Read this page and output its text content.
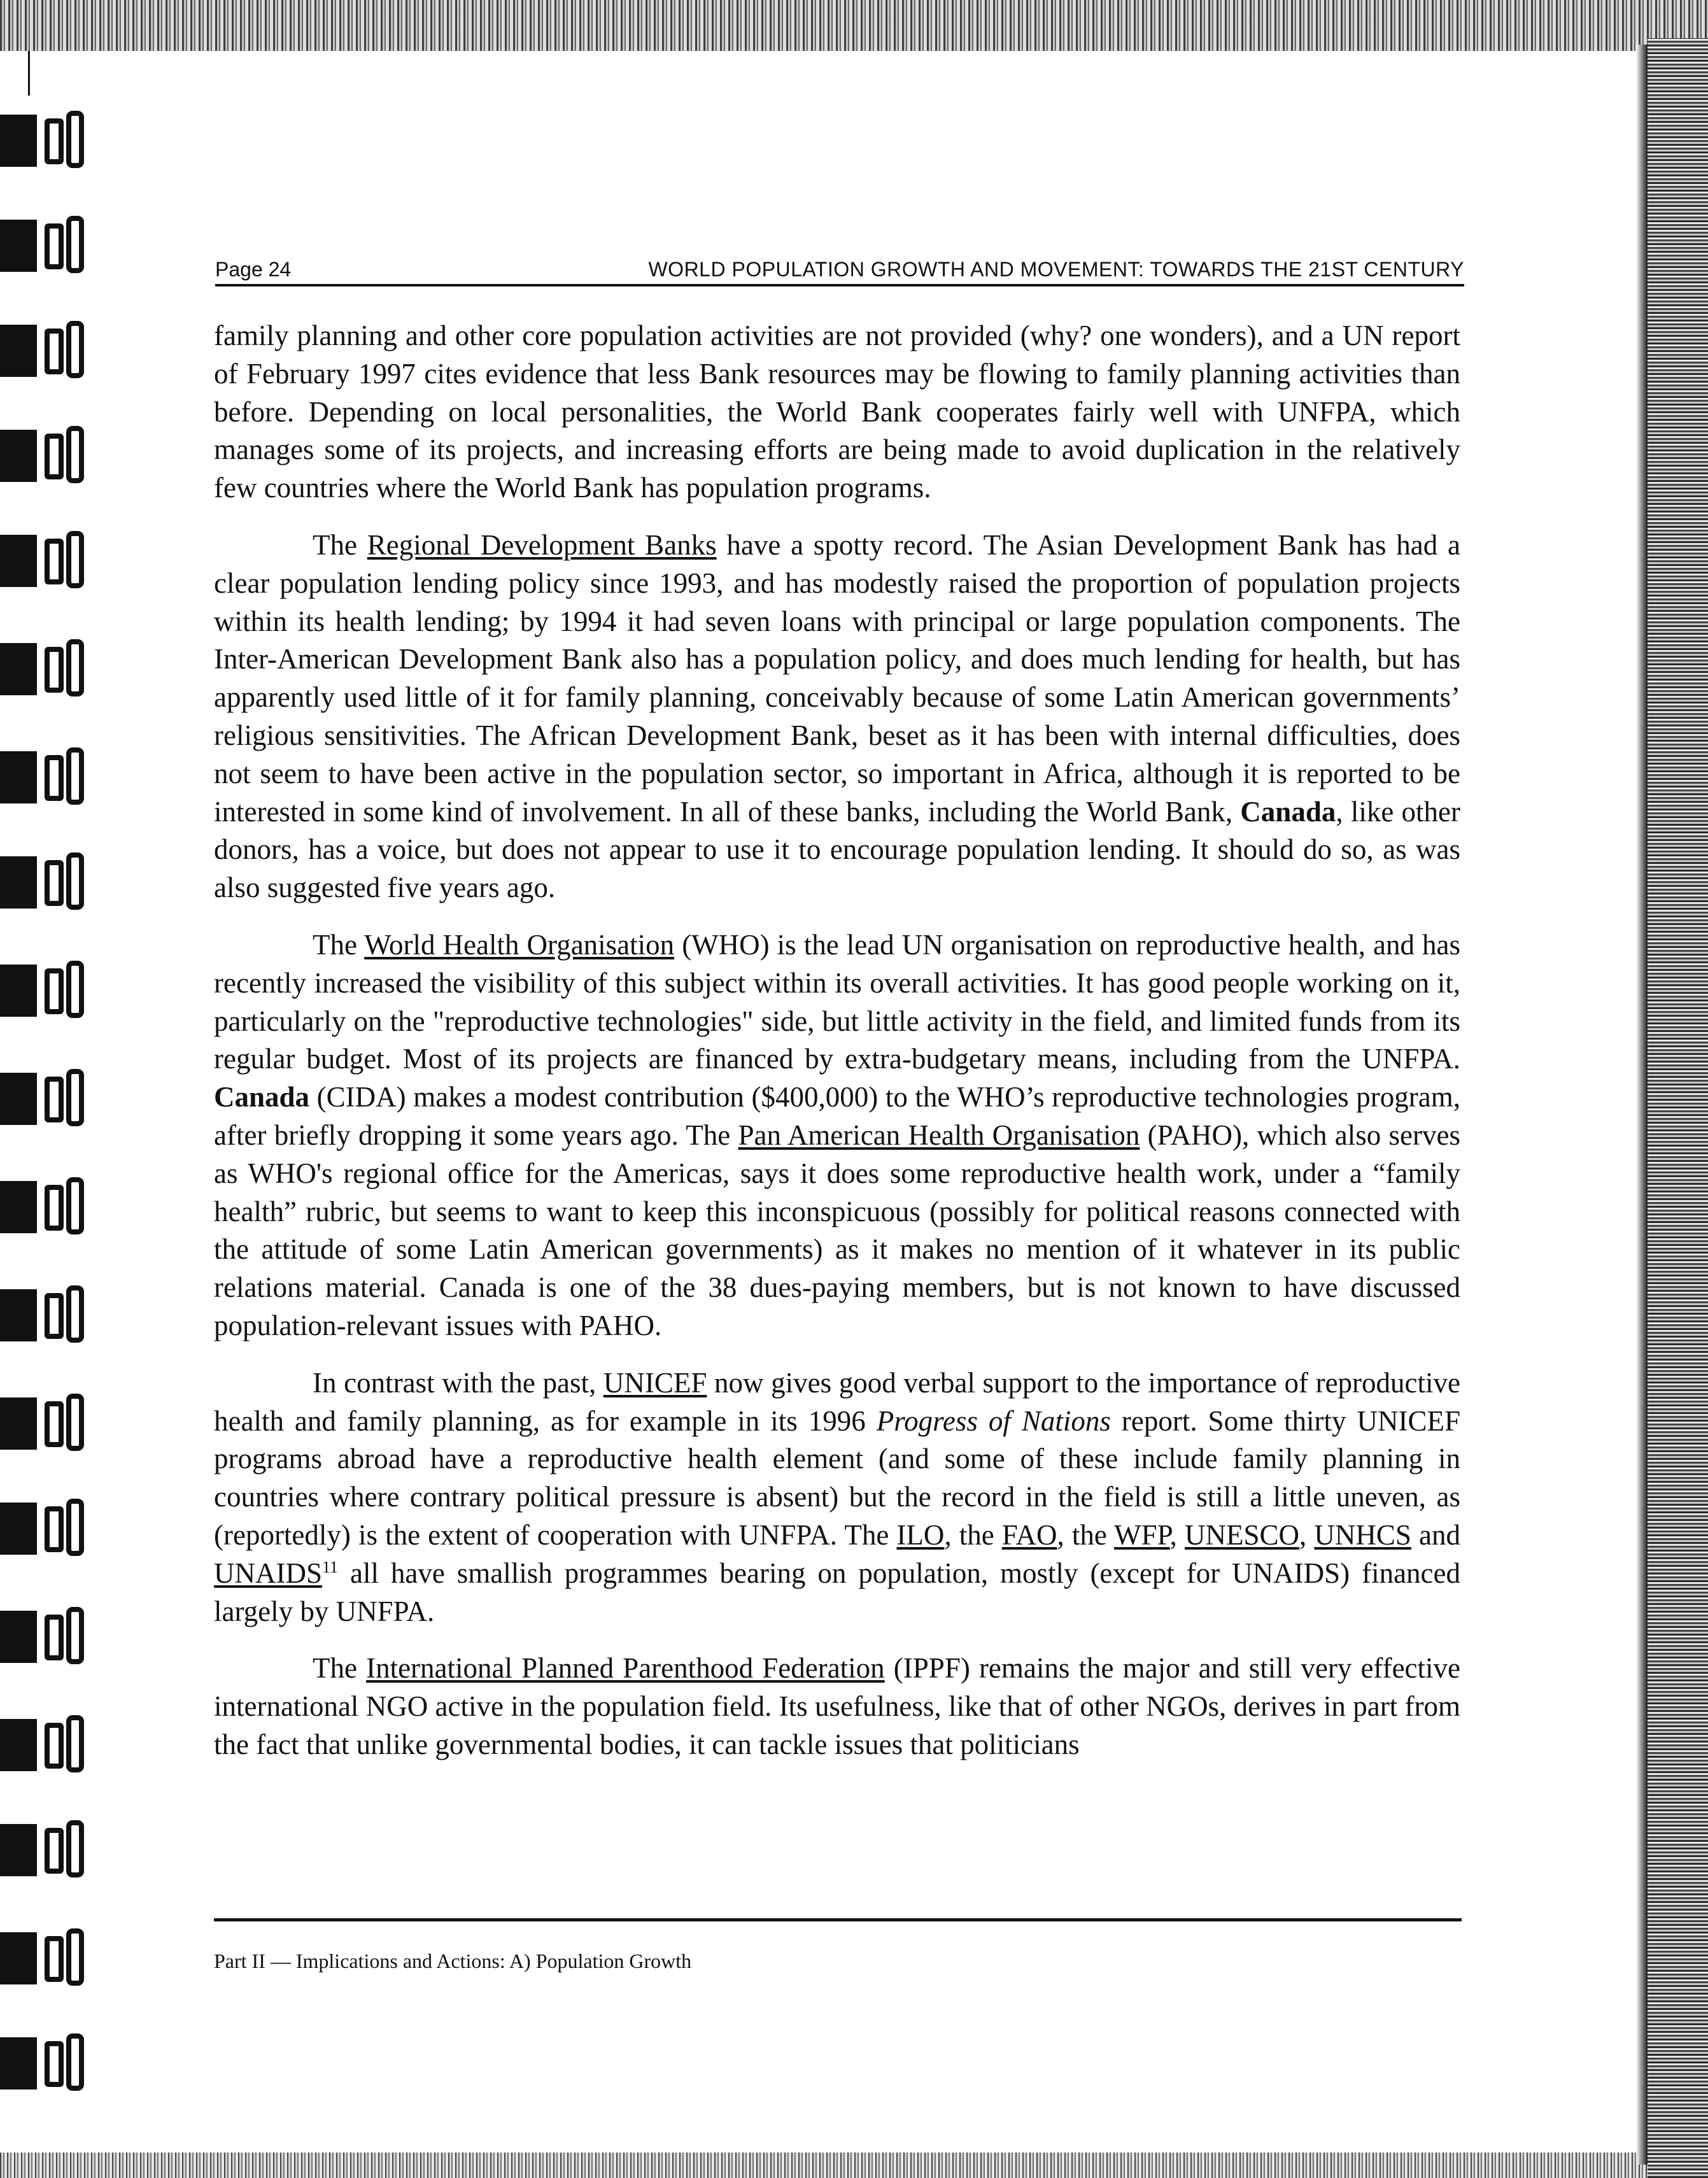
Page 24	WORLD POPULATION GROWTH AND MOVEMENT: TOWARDS THE 21ST CENTURY

family planning and other core population activities are not provided (why? one wonders), and a UN report of February 1997 cites evidence that less Bank resources may be flowing to family planning activities than before. Depending on local personalities, the World Bank cooperates fairly well with UNFPA, which manages some of its projects, and increasing efforts are being made to avoid duplication in the relatively few countries where the World Bank has population programs.

The Regional Development Banks have a spotty record. The Asian Development Bank has had a clear population lending policy since 1993, and has modestly raised the proportion of population projects within its health lending; by 1994 it had seven loans with principal or large population components. The Inter-American Development Bank also has a population policy, and does much lending for health, but has apparently used little of it for family planning, conceivably because of some Latin American governments’ religious sensitivities. The African Development Bank, beset as it has been with internal difficulties, does not seem to have been active in the population sector, so important in Africa, although it is reported to be interested in some kind of involvement. In all of these banks, including the World Bank, Canada, like other donors, has a voice, but does not appear to use it to encourage population lending. It should do so, as was also suggested five years ago.

The World Health Organisation (WHO) is the lead UN organisation on reproductive health, and has recently increased the visibility of this subject within its overall activities. It has good people working on it, particularly on the "reproductive technologies" side, but little activity in the field, and limited funds from its regular budget. Most of its projects are financed by extra-budgetary means, including from the UNFPA. Canada (CIDA) makes a modest contribution ($400,000) to the WHO’s reproductive technologies program, after briefly dropping it some years ago. The Pan American Health Organisation (PAHO), which also serves as WHO's regional office for the Americas, says it does some reproductive health work, under a “family health” rubric, but seems to want to keep this inconspicuous (possibly for political reasons connected with the attitude of some Latin American governments) as it makes no mention of it whatever in its public relations material. Canada is one of the 38 dues-paying members, but is not known to have discussed population-relevant issues with PAHO.

In contrast with the past, UNICEF now gives good verbal support to the importance of reproductive health and family planning, as for example in its 1996 Progress of Nations report. Some thirty UNICEF programs abroad have a reproductive health element (and some of these include family planning in countries where contrary political pressure is absent) but the record in the field is still a little uneven, as (reportedly) is the extent of cooperation with UNFPA. The ILO, the FAO, the WFP, UNESCO, UNHCS and UNAIDS$^{11}$ all have smallish programmes bearing on population, mostly (except for UNAIDS) financed largely by UNFPA.

The International Planned Parenthood Federation (IPPF) remains the major and still very effective international NGO active in the population field. Its usefulness, like that of other NGOs, derives in part from the fact that unlike governmental bodies, it can tackle issues that politicians

Part II — Implications and Actions: A) Population Growth
